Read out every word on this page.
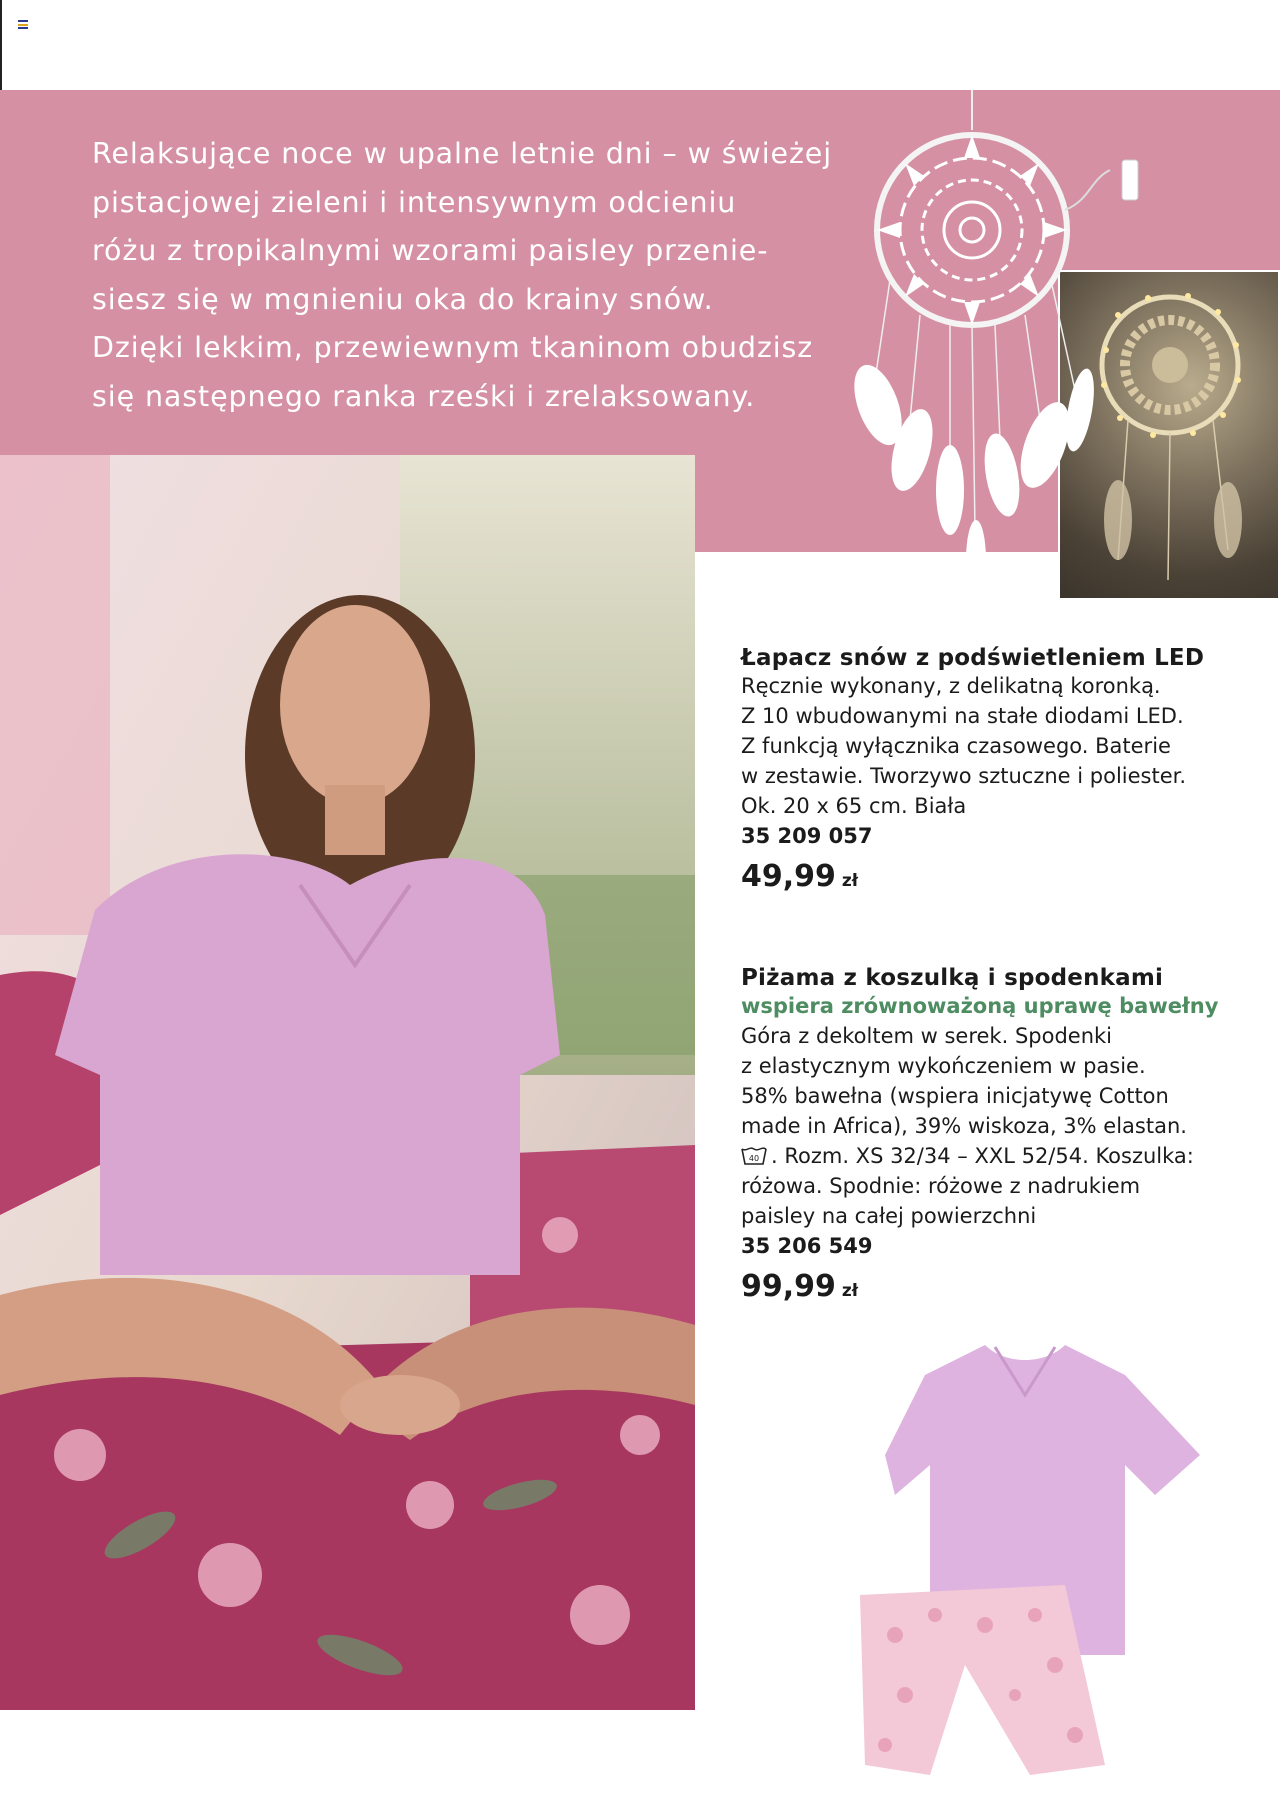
Relaksujące noce w upalne letnie dni – w świeżej
pistacjowej zieleni i intensywnym odcieniu
różu z tropikalnymi wzorami paisley przenie-
siesz się w mgnieniu oka do krainy snów.
Dzięki lekkim, przewiewnym tkaninom obudzisz
się następnego ranka rześki i zrelaksowany.

Łapacz snów z podświetleniem LED
Ręcznie wykonany, z delikatną koronką.
Z 10 wbudowanymi na stałe diodami LED.
Z funkcją wyłącznika czasowego. Baterie
w zestawie. Tworzywo sztuczne i poliester.
Ok. 20 x 65 cm. Biała
35 209 057
49,99 zł
Piżama z koszulką i spodenkami
wspiera zrównoważoną uprawę bawełny
Góra z dekoltem w serek. Spodenki
z elastycznym wykończeniem w pasie.
58% bawełna (wspiera inicjatywę Cotton
made in Africa), 39% wiskoza, 3% elastan.
40 . Rozm. XS 32/34 – XXL 52/54. Koszulka:
różowa. Spodnie: różowe z nadrukiem
paisley na całej powierzchni
35 206 549
99,99 zł
